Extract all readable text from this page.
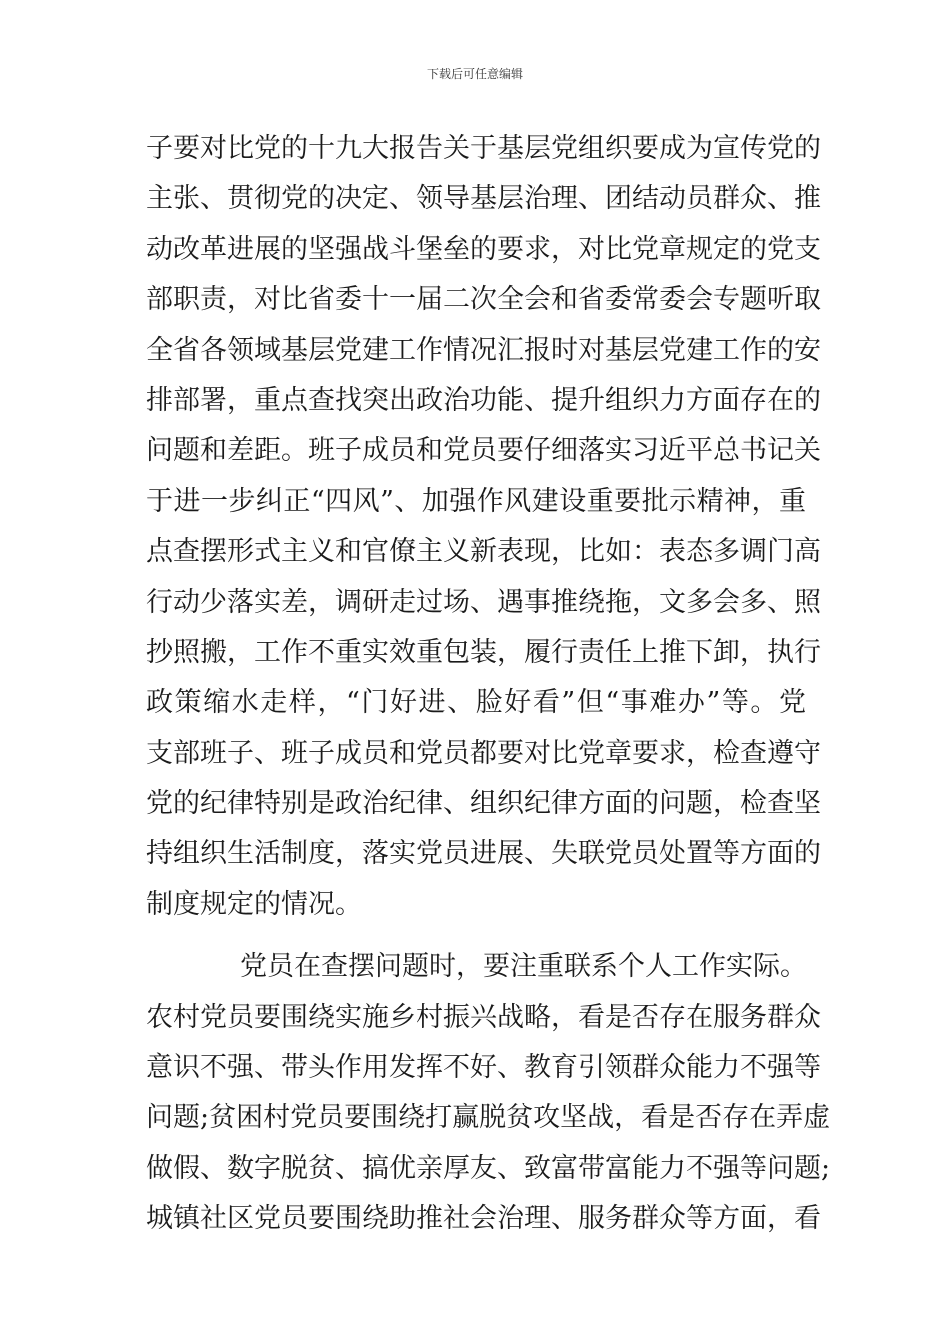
下载后可任意编辑
子要对比党的十九大报告关于基层党组织要成为宣传党的
主张、贯彻党的决定、领导基层治理、团结动员群众、推
动改革进展的坚强战斗堡垒的要求，对比党章规定的党支
部职责，对比省委十一届二次全会和省委常委会专题听取
全省各领域基层党建工作情况汇报时对基层党建工作的安
排部署，重点查找突出政治功能、提升组织力方面存在的
问题和差距。班子成员和党员要仔细落实习近平总书记关
于进一步纠正“四风”、加强作风建设重要批示精神，重
点查摆形式主义和官僚主义新表现，比如：表态多调门高
行动少落实差，调研走过场、遇事推绕拖，文多会多、照
抄照搬，工作不重实效重包装，履行责任上推下卸，执行
政策缩水走样，“门好进、脸好看”但“事难办”等。党
支部班子、班子成员和党员都要对比党章要求，检查遵守
党的纪律特别是政治纪律、组织纪律方面的问题，检查坚
持组织生活制度，落实党员进展、失联党员处置等方面的
制度规定的情况。
党员在查摆问题时，要注重联系个人工作实际。
农村党员要围绕实施乡村振兴战略，看是否存在服务群众
意识不强、带头作用发挥不好、教育引领群众能力不强等
问题;贫困村党员要围绕打赢脱贫攻坚战，看是否存在弄虚
做假、数字脱贫、搞优亲厚友、致富带富能力不强等问题;
城镇社区党员要围绕助推社会治理、服务群众等方面，看
